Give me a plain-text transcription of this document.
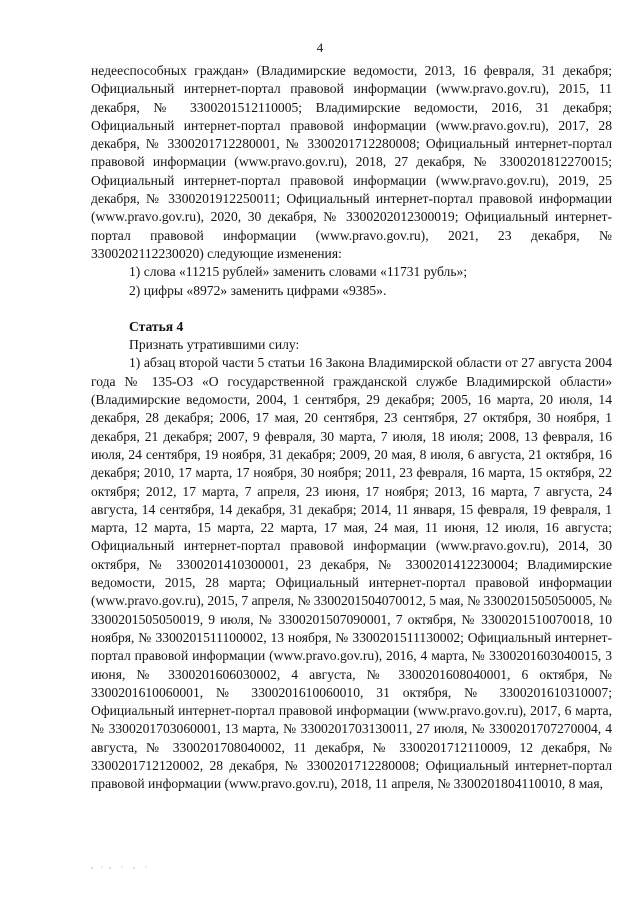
4

недееспособных граждан» (Владимирские ведомости, 2013, 16 февраля, 31 декабря; Официальный интернет-портал правовой информации (www.pravo.gov.ru), 2015, 11 декабря, № 3300201512110005; Владимирские ведомости, 2016, 31 декабря; Официальный интернет-портал правовой информации (www.pravo.gov.ru), 2017, 28 декабря, № 3300201712280001, № 3300201712280008; Официальный интернет-портал правовой информации (www.pravo.gov.ru), 2018, 27 декабря, № 3300201812270015; Официальный интернет-портал правовой информации (www.pravo.gov.ru), 2019, 25 декабря, № 3300201912250011; Официальный интернет-портал правовой информации (www.pravo.gov.ru), 2020, 30 декабря, № 3300202012300019; Официальный интернет-портал правовой информации (www.pravo.gov.ru), 2021, 23 декабря, № 3300202112230020) следующие изменения:

1) слова «11215 рублей» заменить словами «11731 рубль»;

2) цифры «8972» заменить цифрами «9385».

Статья 4

Признать утратившими силу:

1) абзац второй части 5 статьи 16 Закона Владимирской области от 27 августа 2004 года № 135-ОЗ «О государственной гражданской службе Владимирской области» (Владимирские ведомости, 2004, 1 сентября, 29 декабря; 2005, 16 марта, 20 июля, 14 декабря, 28 декабря; 2006, 17 мая, 20 сентября, 23 сентября, 27 октября, 30 ноября, 1 декабря, 21 декабря; 2007, 9 февраля, 30 марта, 7 июля, 18 июля; 2008, 13 февраля, 16 июля, 24 сентября, 19 ноября, 31 декабря; 2009, 20 мая, 8 июля, 6 августа, 21 октября, 16 декабря; 2010, 17 марта, 17 ноября, 30 ноября; 2011, 23 февраля, 16 марта, 15 октября, 22 октября; 2012, 17 марта, 7 апреля, 23 июня, 17 ноября; 2013, 16 марта, 7 августа, 24 августа, 14 сентября, 14 декабря, 31 декабря; 2014, 11 января, 15 февраля, 19 февраля, 1 марта, 12 марта, 15 марта, 22 марта, 17 мая, 24 мая, 11 июня, 12 июля, 16 августа; Официальный интернет-портал правовой информации (www.pravo.gov.ru), 2014, 30 октября, № 3300201410300001, 23 декабря, № 3300201412230004; Владимирские ведомости, 2015, 28 марта; Официальный интернет-портал правовой информации (www.pravo.gov.ru), 2015, 7 апреля, № 3300201504070012, 5 мая, № 3300201505050005, № 3300201505050019, 9 июля, № 3300201507090001, 7 октября, № 3300201510070018, 10 ноября, № 3300201511100002, 13 ноября, № 3300201511130002; Официальный интернет-портал правовой информации (www.pravo.gov.ru), 2016, 4 марта, № 3300201603040015, 3 июня, № 3300201606030002, 4 августа, № 3300201608040001, 6 октября, № 3300201610060001, № 3300201610060010, 31 октября, № 3300201610310007; Официальный интернет-портал правовой информации (www.pravo.gov.ru), 2017, 6 марта, № 3300201703060001, 13 марта, № 3300201703130011, 27 июля, № 3300201707270004, 4 августа, № 3300201708040002, 11 декабря, № 3300201712110009, 12 декабря, № 3300201712120002, 28 декабря, № 3300201712280008; Официальный интернет-портал правовой информации (www.pravo.gov.ru), 2018, 11 апреля, № 3300201804110010, 8 мая,
